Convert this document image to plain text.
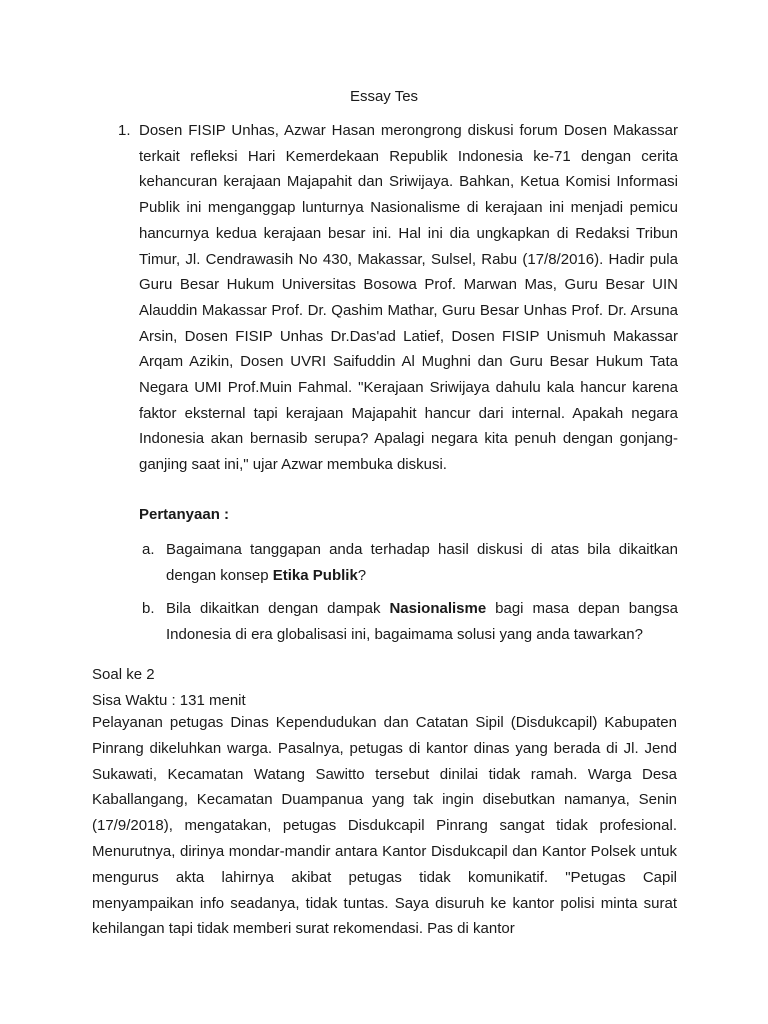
Essay Tes
1. Dosen FISIP Unhas, Azwar Hasan merongrong diskusi forum Dosen Makassar terkait refleksi Hari Kemerdekaan Republik Indonesia ke-71 dengan cerita kehancuran kerajaan Majapahit dan Sriwijaya. Bahkan, Ketua Komisi Informasi Publik ini menganggap lunturnya Nasionalisme di kerajaan ini menjadi pemicu hancurnya kedua kerajaan besar ini. Hal ini dia ungkapkan di Redaksi Tribun Timur, Jl. Cendrawasih No 430, Makassar, Sulsel, Rabu (17/8/2016). Hadir pula Guru Besar Hukum Universitas Bosowa Prof. Marwan Mas, Guru Besar UIN Alauddin Makassar Prof. Dr. Qashim Mathar, Guru Besar Unhas Prof. Dr. Arsuna Arsin, Dosen FISIP Unhas Dr.Das'ad Latief, Dosen FISIP Unismuh Makassar Arqam Azikin, Dosen UVRI Saifuddin Al Mughni dan Guru Besar Hukum Tata Negara UMI Prof.Muin Fahmal. "Kerajaan Sriwijaya dahulu kala hancur karena faktor eksternal tapi kerajaan Majapahit hancur dari internal. Apakah negara Indonesia akan bernasib serupa? Apalagi negara kita penuh dengan gonjang-ganjing saat ini," ujar Azwar membuka diskusi.
Pertanyaan :
a. Bagaimana tanggapan anda terhadap hasil diskusi di atas bila dikaitkan dengan konsep Etika Publik?
b. Bila dikaitkan dengan dampak Nasionalisme bagi masa depan bangsa Indonesia di era globalisasi ini, bagaimama solusi yang anda tawarkan?
Soal ke 2
Sisa Waktu : 131 menit
Pelayanan petugas Dinas Kependudukan dan Catatan Sipil (Disdukcapil) Kabupaten Pinrang dikeluhkan warga. Pasalnya, petugas di kantor dinas yang berada di Jl. Jend Sukawati, Kecamatan Watang Sawitto tersebut dinilai tidak ramah. Warga Desa Kaballangang, Kecamatan Duampanua yang tak ingin disebutkan namanya, Senin (17/9/2018), mengatakan, petugas Disdukcapil Pinrang sangat tidak profesional. Menurutnya, dirinya mondar-mandir antara Kantor Disdukcapil dan Kantor Polsek untuk mengurus akta lahirnya akibat petugas tidak komunikatif. "Petugas Capil menyampaikan info seadanya, tidak tuntas. Saya disuruh ke kantor polisi minta surat kehilangan tapi tidak memberi surat rekomendasi. Pas di kantor
